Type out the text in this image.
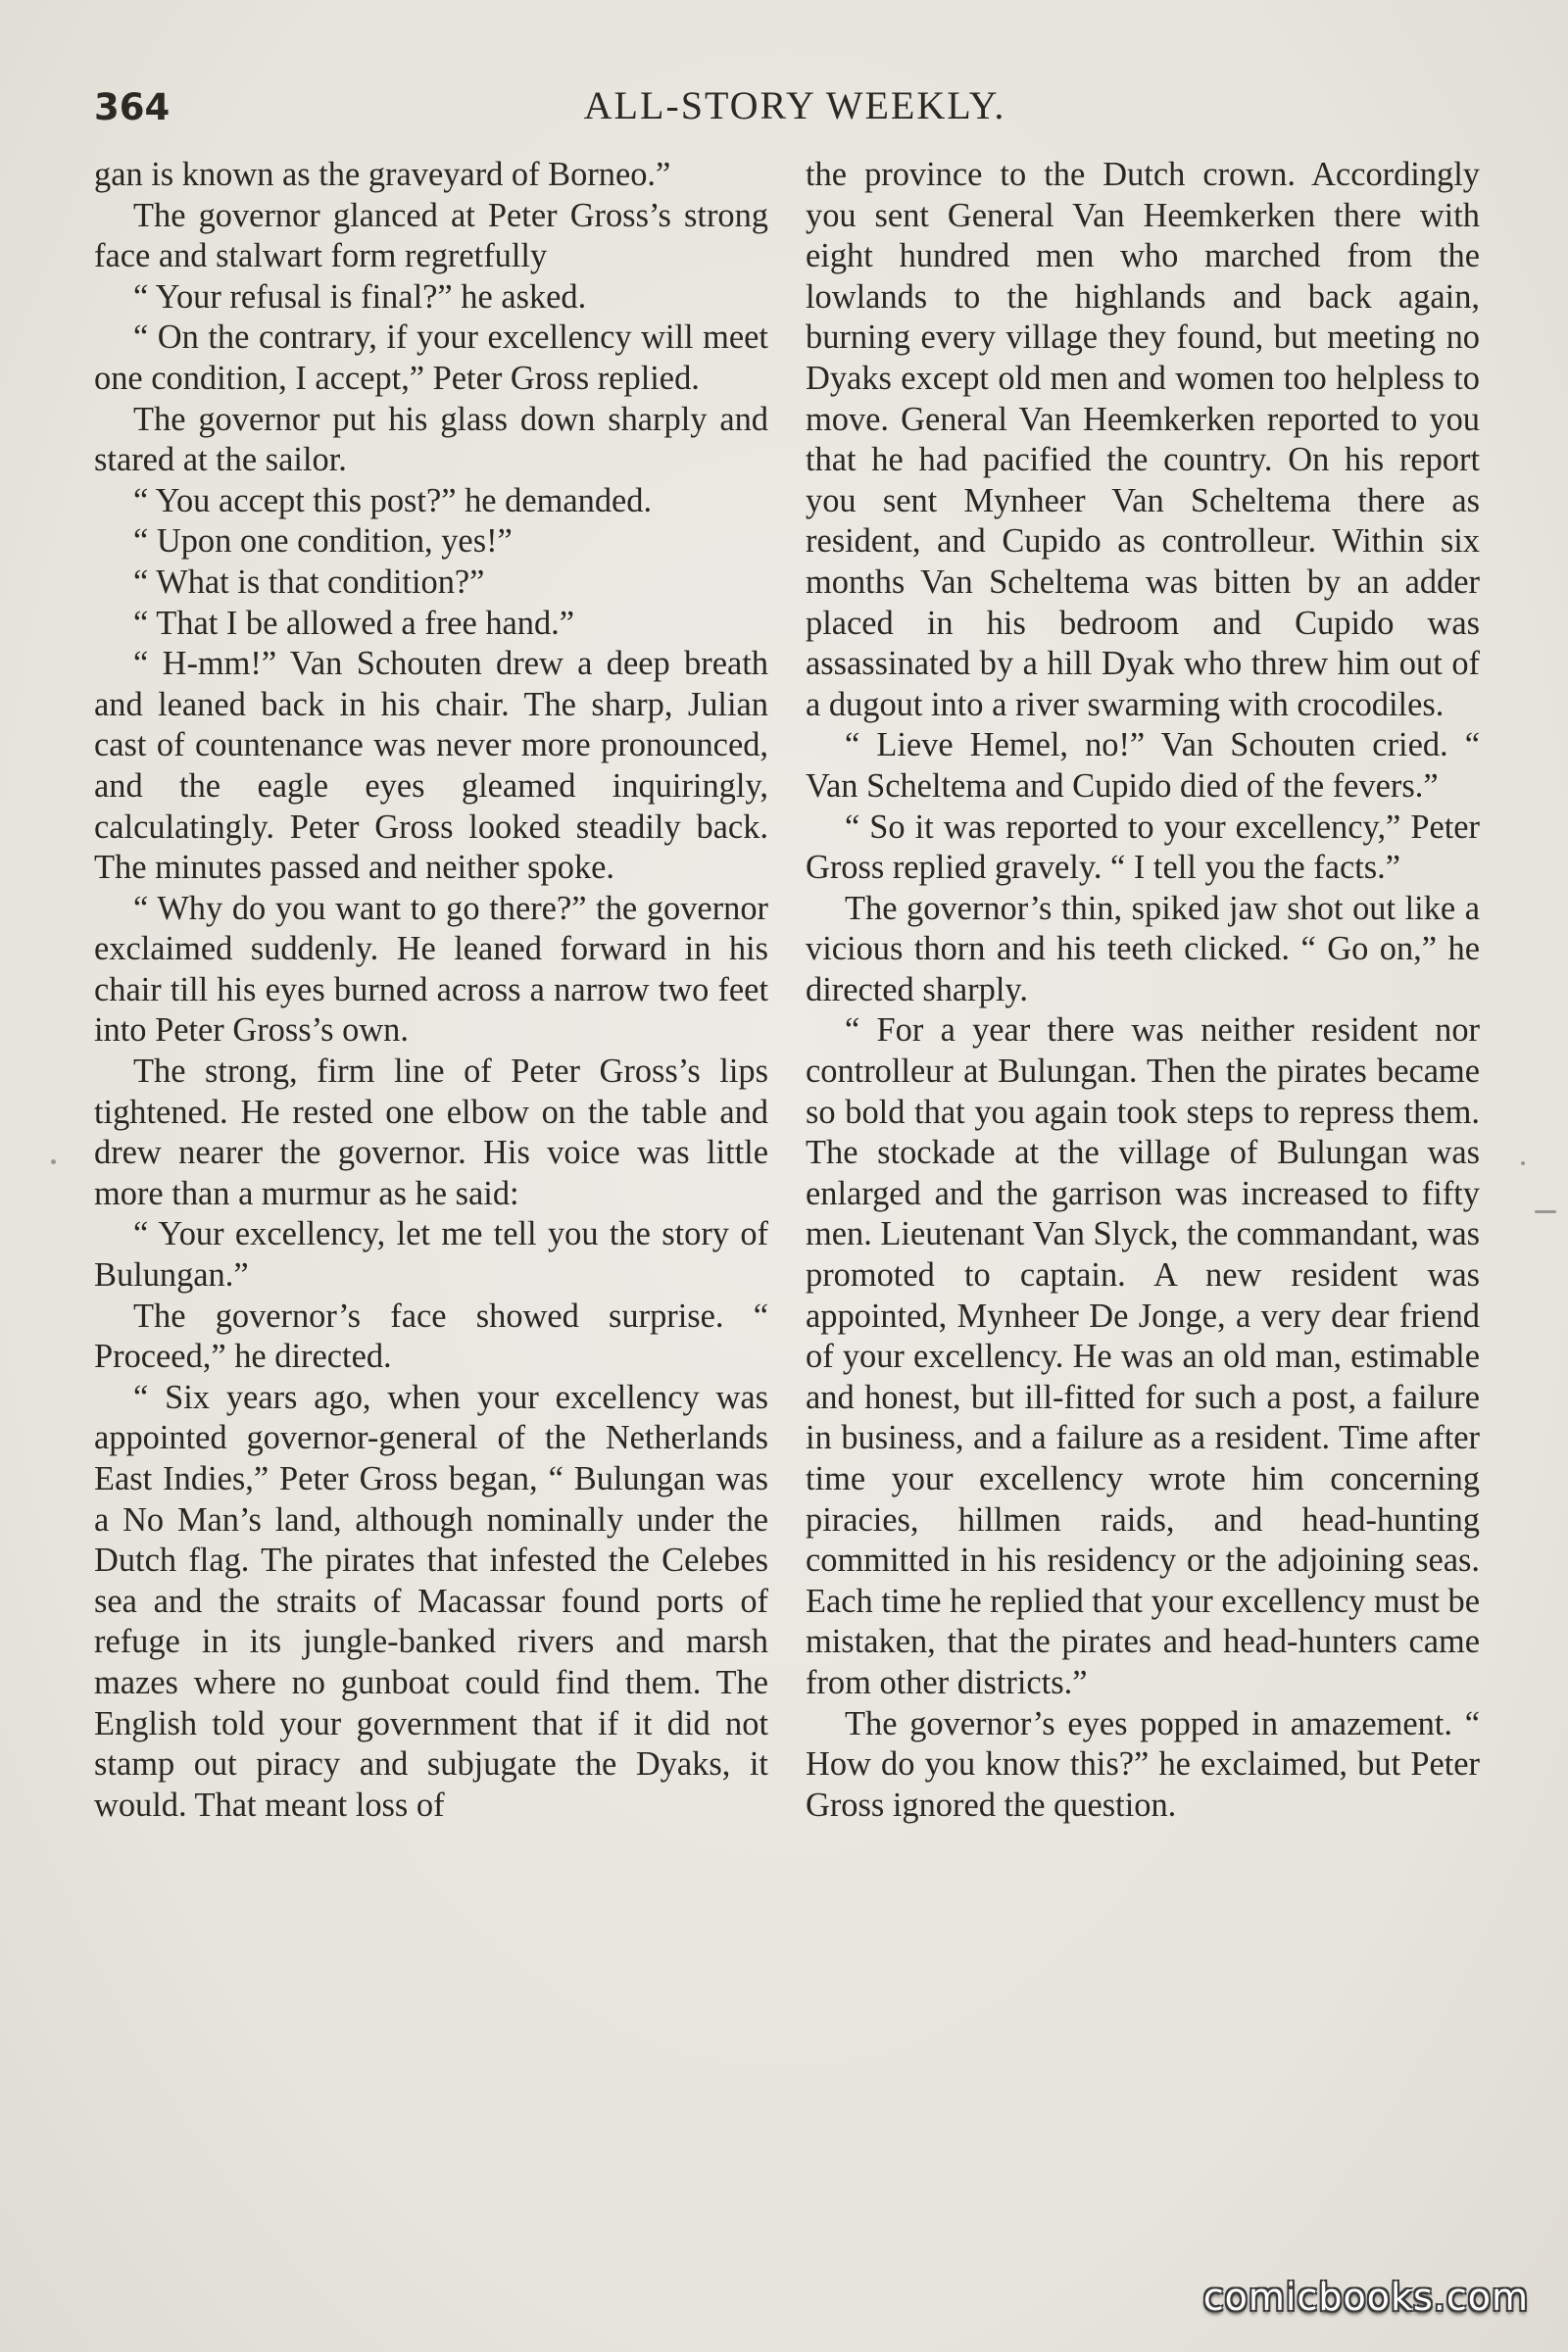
364	ALL-STORY WEEKLY.

gan is known as the graveyard of Borneo.”

The governor glanced at Peter Gross’s strong face and stalwart form regretfully

“ Your refusal is final?” he asked.

“ On the contrary, if your excellency will meet one condition, I accept,” Peter Gross replied.

The governor put his glass down sharply and stared at the sailor.

“ You accept this post?” he demanded.

“ Upon one condition, yes!”

“ What is that condition?”

“ That I be allowed a free hand.”

“ H-mm!” Van Schouten drew a deep breath and leaned back in his chair. The sharp, Julian cast of countenance was never more pronounced, and the eagle eyes gleamed inquiringly, calculatingly. Peter Gross looked steadily back. The minutes passed and neither spoke.

“ Why do you want to go there?” the governor exclaimed suddenly. He leaned forward in his chair till his eyes burned across a narrow two feet into Peter Gross’s own.

The strong, firm line of Peter Gross’s lips tightened. He rested one elbow on the table and drew nearer the governor. His voice was little more than a murmur as he said:

“ Your excellency, let me tell you the story of Bulungan.”

The governor’s face showed surprise. “ Proceed,” he directed.

“ Six years ago, when your excellency was appointed governor-general of the Netherlands East Indies,” Peter Gross began, “ Bulungan was a No Man’s land, although nominally under the Dutch flag. The pirates that infested the Celebes sea and the straits of Macassar found ports of refuge in its jungle-banked rivers and marsh mazes where no gunboat could find them. The English told your government that if it did not stamp out piracy and subjugate the Dyaks, it would. That meant loss of

the province to the Dutch crown. Accordingly you sent General Van Heemkerken there with eight hundred men who marched from the lowlands to the highlands and back again, burning every village they found, but meeting no Dyaks except old men and women too helpless to move. General Van Heemkerken reported to you that he had pacified the country. On his report you sent Mynheer Van Scheltema there as resident, and Cupido as controlleur. Within six months Van Scheltema was bitten by an adder placed in his bedroom and Cupido was assassinated by a hill Dyak who threw him out of a dugout into a river swarming with crocodiles.

“ Lieve Hemel, no!” Van Schouten cried. “ Van Scheltema and Cupido died of the fevers.”

“ So it was reported to your excellency,” Peter Gross replied gravely. “ I tell you the facts.”

The governor’s thin, spiked jaw shot out like a vicious thorn and his teeth clicked. “ Go on,” he directed sharply.

“ For a year there was neither resident nor controlleur at Bulungan. Then the pirates became so bold that you again took steps to repress them. The stockade at the village of Bulungan was enlarged and the garrison was increased to fifty men. Lieutenant Van Slyck, the commandant, was promoted to captain. A new resident was appointed, Mynheer De Jonge, a very dear friend of your excellency. He was an old man, estimable and honest, but ill-fitted for such a post, a failure in business, and a failure as a resident. Time after time your excellency wrote him concerning piracies, hillmen raids, and head-hunting committed in his residency or the adjoining seas. Each time he replied that your excellency must be mistaken, that the pirates and head-hunters came from other districts.”

The governor’s eyes popped in amazement. “ How do you know this?” he exclaimed, but Peter Gross ignored the question.

comicbooks.com
